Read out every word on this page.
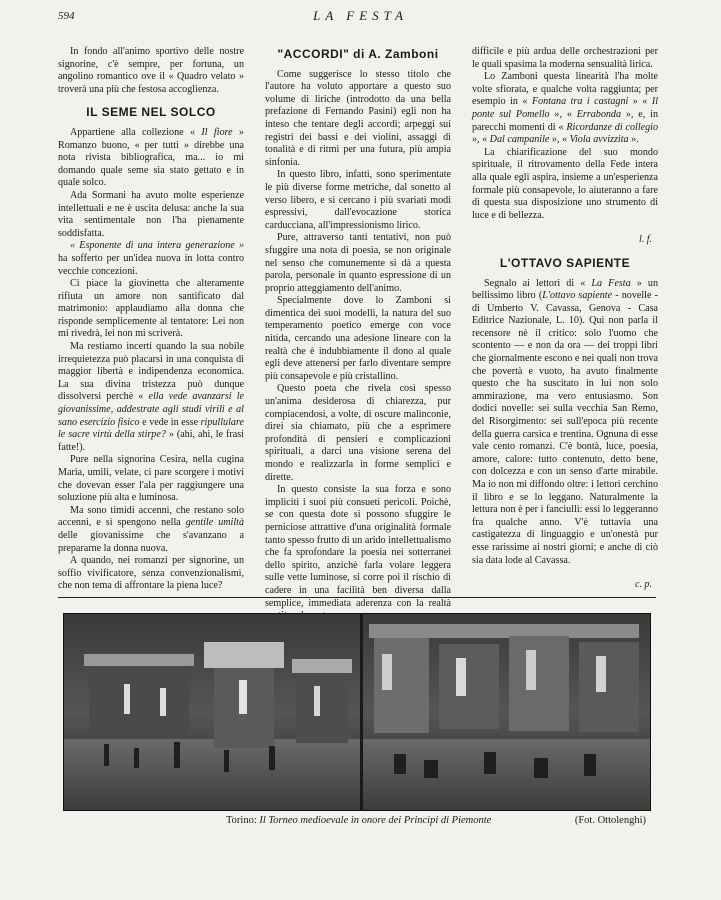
594	LA FESTA

In fondo all'animo sportivo delle nostre signorine, c'è sempre, per fortuna, un angolino romantico ove il « Quadro velato » troverà una più che festosa accoglienza.

IL SEME NEL SOLCO

Appartiene alla collezione « Il fiore » Romanzo buono, « per tutti » direbbe una nota rivista bibliografica, ma... io mi domando quale seme sia stato gettato e in quale solco.

Ada Sormani ha avuto molte esperienze intellettuali e ne è uscita delusa: anche la sua vita sentimentale non l'ha pienamente soddisfatta.

« Esponente di una intera generazione » ha sofferto per un'idea nuova in lotta contro vecchie concezioni.

Ci piace la giovinetta che alteramente rifiuta un amore non santificato dal matrimonio: applaudiamo alla donna che risponde semplicemente al tentatore: Lei non mi rivedrà, lei non mi scriverà.

Ma restiamo incerti quando la sua nobile irrequietezza può placarsi in una conquista di maggior libertà e indipendenza economica. La sua divina tristezza può dunque dissolversi perchè « ella vede avanzarsi le giovanissime, addestrate agli studi virili e al sano esercizio fisico e vede in esse ripullulare le sacre virtù della stirpe? » (ahi, ahi, le frasi fatte!).

Pure nella signorina Cesira, nella cugina Maria, umili, velate, ci pare scorgere i motivi che dovevan esser l'ala per raggiungere una soluzione più alta e luminosa.

Ma sono timidi accenni, che restano solo accenni, e si spengono nella gentile umiltà delle giovanissime che s'avanzano a prepararne la donna nuova.

A quando, nei romanzi per signorine, un soffio vivificatore, senza convenzionalismi, che non tema di affrontare la piena luce?

"ACCORDI" di A. Zamboni

Come suggerisce lo stesso titolo che l'autore ha voluto apportare a questo suo volume di liriche (introdotto da una bella prefazione di Fernando Pasini) egli non ha inteso che tentare degli accordi; arpeggi sui registri dei bassi e dei violini, assaggi di tonalità e di ritmi per una futura, più ampia sinfonia.

In questo libro, infatti, sono sperimentate le più diverse forme metriche, dal sonetto al verso libero, e si cercano i più svariati modi espressivi, dall'evocazione storica carducciana, all'impressionismo lirico.

Pure, attraverso tanti tentativi, non può sfuggire una nota di poesia, se non originale nel senso che comunemente si dà a questa parola, personale in quanto espressione di un proprio atteggiamento dell'animo.

Specialmente dove lo Zamboni si dimentica dei suoi modelli, la natura del suo temperamento poetico emerge con voce nitida, cercando una adesione lineare con la realtà che è indubbiamente il dono al quale egli deve attenersi per farlo diventare sempre più consapevole e più cristallino.

Questo poeta che rivela così spesso un'anima desiderosa di chiarezza, pur compiacendosi, a volte, di oscure malinconie, direi sia chiamato, più che a esprimere profondità di pensieri e complicazioni spirituali, a darci una visione serena del mondo e realizzarla in forme semplici e dirette.

In questo consiste la sua forza e sono impliciti i suoi più consueti pericoli. Poichè, se con questa dote si possono sfuggire le perniciose attrattive d'una originalità formale tanto spesso frutto di un arido intellettualismo che fa sprofondare la poesia nei sotterranei dello spirito, anzichè farla volare leggera sulle vette luminose, si corre poi il rischio di cadere in una facilità ben diversa dalla semplice, immediata aderenza con la realtà

difficile e più ardua delle orchestrazioni per le quali spasima la moderna sensualità lirica.

Lo Zamboni questa linearità l'ha molte volte sfiorata, e qualche volta raggiunta; per esempio in « Fontana tra i castagni » « Il ponte sul Pomello », « Errabonda », e, in parecchi momenti di « Ricordanze di collegio », « Dal campanile », « Viola avvizzita ».

La chiarificazione del suo mondo spirituale, il ritrovamento della Fede intera alla quale egli aspira, insieme a un'esperienza formale più consapevole, lo aiuteranno a fare di questa sua disposizione uno strumento di luce e di bellezza.

l. f.
L'OTTAVO SAPIENTE

Segnalo ai lettori di « La Festa » un bellissimo libro (L'ottavo sapiente - novelle - di Umberto V. Cavassa, Genova - Casa Editrice Nazionale, L. 10). Qui non parla il recensore nè il critico: solo l'uomo che scontento — e non da ora — dei troppi libri che giornalmente escono e nei quali non trova che povertà e vuoto, ha avuto finalmente questo che ha suscitato in lui non solo ammirazione, ma vero entusiasmo. Son dodici novelle: sei sulla vecchia San Remo, del Risorgimento: sei sull'epoca più recente della guerra carsica e trentina. Ognuna di esse vale cento romanzi. C'è bontà, luce, poesia, amore, calore: tutto contenuto, detto bene, con dolcezza e con un senso d'arte mirabile. Ma io non mi diffondo oltre: i lettori cerchino il libro e se lo leggano. Naturalmente la lettura non è per i fanciulli: essi lo leggeranno fra qualche anno. V'è tuttavia una castigatezza di linguaggio e un'onestà pur esse rarissime ai nostri giorni; e anche di ciò sia data lode al Cavassa.

c. p.
Torino: Il Torneo medioevale in onore dei Principi di Piemonte	(Fot. Ottolenghi)
